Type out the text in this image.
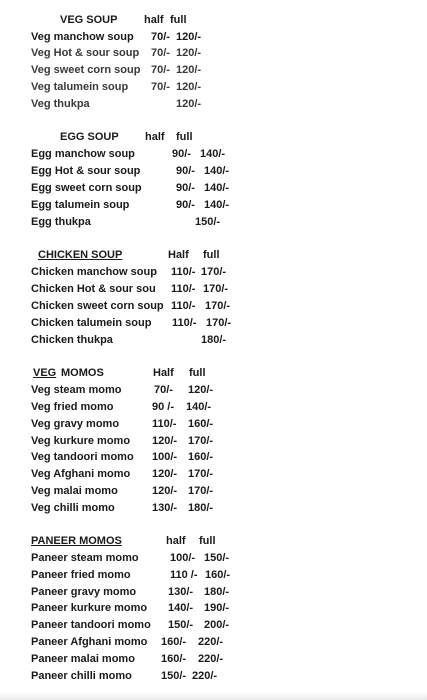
VEG SOUP half full
Veg manchow soup 70/- 120/-
Veg Hot & sour soup 70/- 120/-
Veg sweet corn soup 70/- 120/-
Veg talumein soup 70/- 120/-
Veg thukpa	120/-
EGG SOUP half full
Egg manchow soup	90/- 140/-
Egg Hot & sour soup	90/- 140/-
Egg sweet corn soup	90/- 140/-
Egg talumein soup	90/- 140/-
Egg thukpa	150/-
CHICKEN SOUP	Half full
Chicken manchow soup 110/- 170/-
Chicken Hot & sour sou 110/- 170/-
Chicken sweet corn soup 110/- 170/-
Chicken talumein soup 110/- 170/-
Chicken thukpa	180/-
VEG MOMOS	Half full
Veg steam momo	70/- 120/-
Veg fried momo	90 /- 140/-
Veg gravy momo	110/- 160/-
Veg kurkure momo 120/- 170/-
Veg tandoori momo 100/- 160/-
Veg Afghani momo 120/- 170/-
Veg malai momo	120/- 170/-
Veg chilli momo	130/- 180/-
PANEER MOMOS	half full
Paneer steam momo	100/- 150/-
Paneer fried momo	110 /- 160/-
Paneer gravy momo	130/- 180/-
Paneer kurkure momo 140/- 190/-
Paneer tandoori momo 150/- 200/-
Paneer Afghani momo 160/- 220/-
Paneer malai momo 160/- 220/-
Paneer chilli momo	150/- 220/-
